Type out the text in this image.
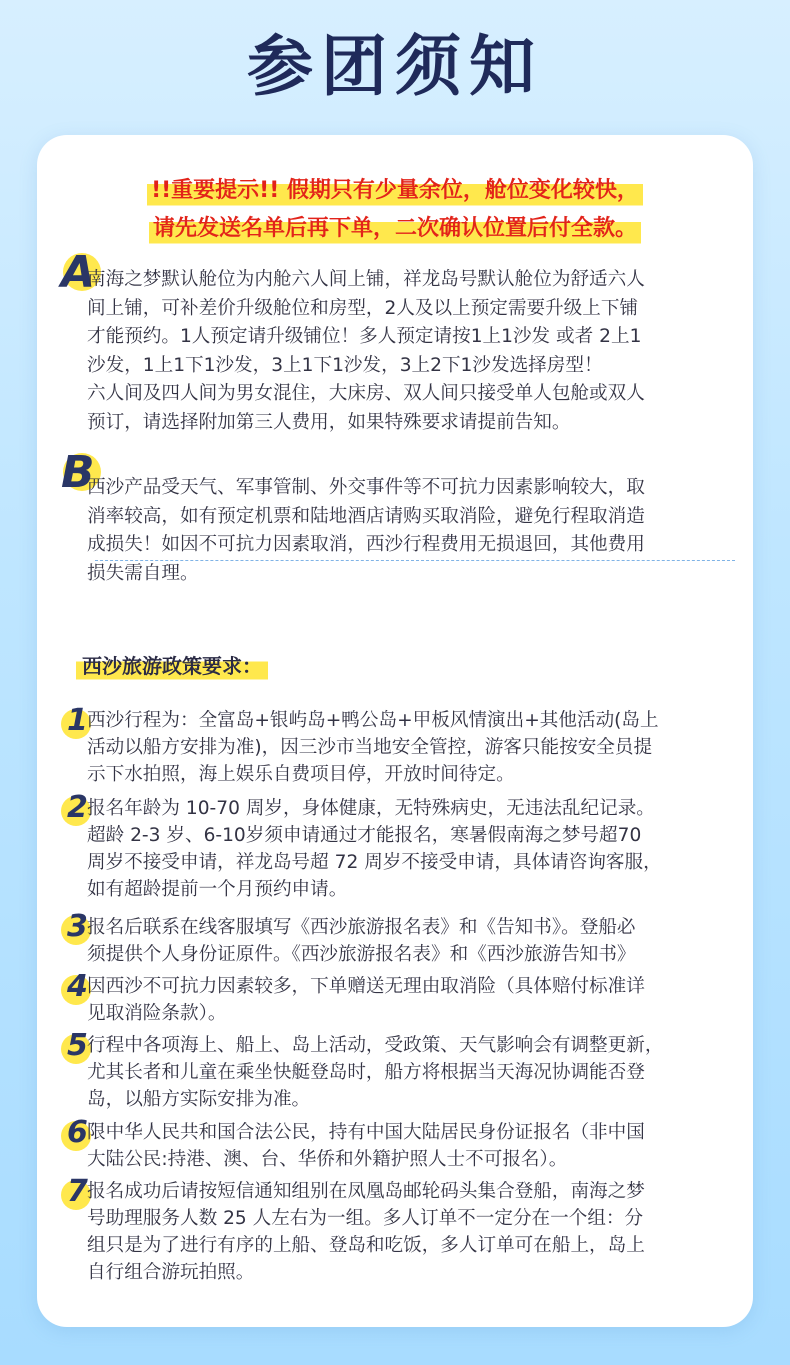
参团须知
!!重要提示!! 假期只有少量余位，舱位变化较快，
请先发送名单后再下单，二次确认位置后付全款。
A
南海之梦默认舱位为内舱六人间上铺，祥龙岛号默认舱位为舒适六人
间上铺，可补差价升级舱位和房型，2人及以上预定需要升级上下铺
才能预约。1人预定请升级铺位！多人预定请按1上1沙发 或者 2上1
沙发，1上1下1沙发，3上1下1沙发，3上2下1沙发选择房型！
六人间及四人间为男女混住，大床房、双人间只接受单人包舱或双人
预订，请选择附加第三人费用，如果特殊要求请提前告知。
B
西沙产品受天气、军事管制、外交事件等不可抗力因素影响较大，取
消率较高，如有预定机票和陆地酒店请购买取消险，避免行程取消造
成损失！如因不可抗力因素取消，西沙行程费用无损退回，其他费用
损失需自理。
西沙旅游政策要求：
1 西沙行程为：全富岛+银屿岛+鸭公岛+甲板风情演出+其他活动(岛上
活动以船方安排为准)，因三沙市当地安全管控，游客只能按安全员提
示下水拍照，海上娱乐自费项目停，开放时间待定。
2 报名年龄为 10-70 周岁，身体健康，无特殊病史，无违法乱纪记录。
超龄 2-3 岁、6-10岁须申请通过才能报名，寒暑假南海之梦号超70
周岁不接受申请，祥龙岛号超 72 周岁不接受申请，具体请咨询客服，
如有超龄提前一个月预约申请。
3 报名后联系在线客服填写《西沙旅游报名表》和《告知书》。登船必
须提供个人身份证原件。《西沙旅游报名表》和《西沙旅游告知书》
4 因西沙不可抗力因素较多，下单赠送无理由取消险（具体赔付标准详
见取消险条款）。
5 行程中各项海上、船上、岛上活动，受政策、天气影响会有调整更新，
尤其长者和儿童在乘坐快艇登岛时，船方将根据当天海况协调能否登
岛，以船方实际安排为准。
6 限中华人民共和国合法公民，持有中国大陆居民身份证报名（非中国
大陆公民:持港、澳、台、华侨和外籍护照人士不可报名）。
7 报名成功后请按短信通知组别在凤凰岛邮轮码头集合登船，南海之梦
号助理服务人数 25 人左右为一组。多人订单不一定分在一个组：分
组只是为了进行有序的上船、登岛和吃饭，多人订单可在船上，岛上
自行组合游玩拍照。
